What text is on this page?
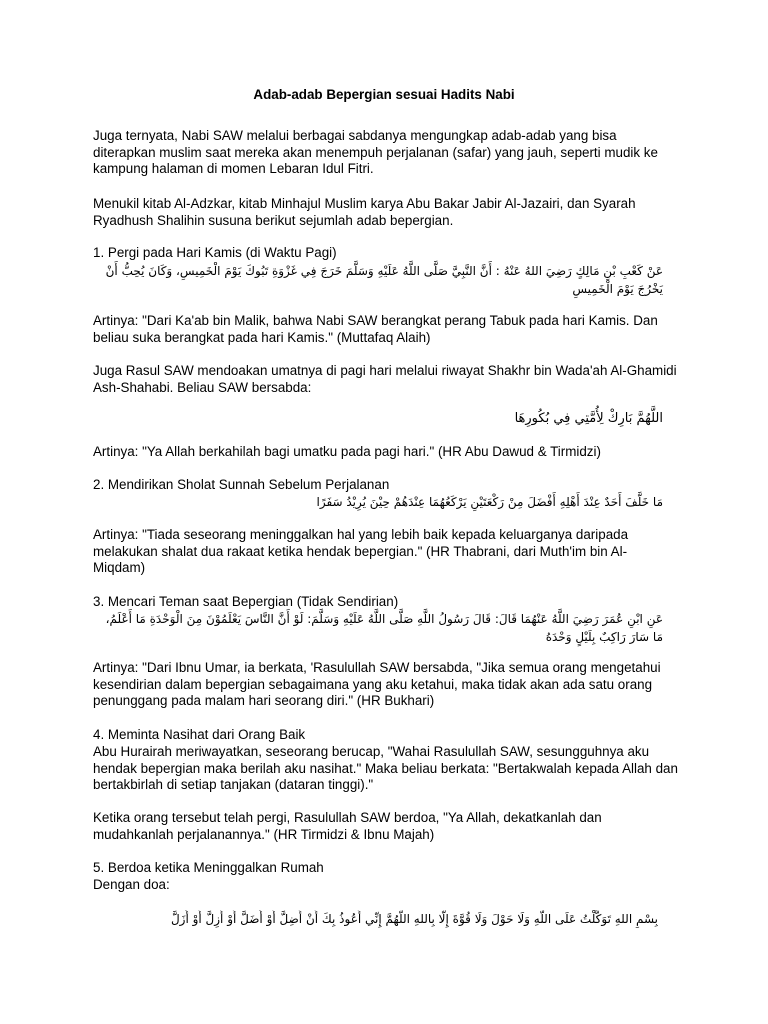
Adab-adab Bepergian sesuai Hadits Nabi

Juga ternyata, Nabi SAW melalui berbagai sabdanya mengungkap adab-adab yang bisa diterapkan muslim saat mereka akan menempuh perjalanan (safar) yang jauh, seperti mudik ke kampung halaman di momen Lebaran Idul Fitri.

Menukil kitab Al-Adzkar, kitab Minhajul Muslim karya Abu Bakar Jabir Al-Jazairi, dan Syarah Ryadhush Shalihin susuna berikut sejumlah adab bepergian.

1. Pergi pada Hari Kamis (di Waktu Pagi)

عَنْ كَعْبِ بْنِ مَالِكٍ رَضِيَ اللهُ عَنْهُ : أَنَّ النَّبِيَّ صَلَّى اللَّهُ عَلَيْهِ وَسَلَّمَ خَرَجَ فِي غَزْوَةِ تَبُوكَ يَوْمَ الْخَمِيسِ، وَكَانَ يُحِبُّ أَنْ يَخْرُجَ يَوْمَ الْخَمِيسِ

Artinya: "Dari Ka'ab bin Malik, bahwa Nabi SAW berangkat perang Tabuk pada hari Kamis. Dan beliau suka berangkat pada hari Kamis." (Muttafaq Alaih)

Juga Rasul SAW mendoakan umatnya di pagi hari melalui riwayat Shakhr bin Wada'ah Al-Ghamidi Ash-Shahabi. Beliau SAW bersabda:

اللَّهُمَّ بَارِكْ لِأُمَّتِي فِي بُكُورِهَا

Artinya: "Ya Allah berkahilah bagi umatku pada pagi hari." (HR Abu Dawud & Tirmidzi)

2. Mendirikan Sholat Sunnah Sebelum Perjalanan

مَا خَلَّفَ أَحَدٌ عِنْدَ أَهْلِهِ أَفْضَلَ مِنْ رَكْعَتَيْنِ يَرْكَعُهُمَا عِنْدَهُمْ حِيْنَ يُرِيْدُ سَفَرًا

Artinya: "Tiada seseorang meninggalkan hal yang lebih baik kepada keluarganya daripada melakukan shalat dua rakaat ketika hendak bepergian." (HR Thabrani, dari Muth'im bin Al-Miqdam)

3. Mencari Teman saat Bepergian (Tidak Sendirian)

عَنِ ابْنِ عُمَرَ رَضِيَ اللَّهُ عَنْهُمَا قَالَ: قَالَ رَسُولُ اللَّهِ صَلَّى اللَّهُ عَلَيْهِ وَسَلَّمَ: لَوْ أَنَّ النَّاسَ يَعْلَمُوْنَ مِنَ الْوَحْدَةِ مَا أَعْلَمُ، مَا سَارَ رَاكِبٌ بِلَيْلٍ وَحْدَهُ

Artinya: "Dari Ibnu Umar, ia berkata, 'Rasulullah SAW bersabda, "Jika semua orang mengetahui kesendirian dalam bepergian sebagaimana yang aku ketahui, maka tidak akan ada satu orang penunggang pada malam hari seorang diri." (HR Bukhari)

4. Meminta Nasihat dari Orang Baik

Abu Hurairah meriwayatkan, seseorang berucap, "Wahai Rasulullah SAW, sesungguhnya aku hendak bepergian maka berilah aku nasihat." Maka beliau berkata: "Bertakwalah kepada Allah dan bertakbirlah di setiap tanjakan (dataran tinggi)."

Ketika orang tersebut telah pergi, Rasulullah SAW berdoa, "Ya Allah, dekatkanlah dan mudahkanlah perjalanannya." (HR Tirmidzi & Ibnu Majah)

5. Berdoa ketika Meninggalkan Rumah

Dengan doa:

بِسْمِ اللهِ تَوَكَّلْتُ عَلَى اللَّهِ وَلَا حَوْلَ وَلَا قُوَّةَ إِلَّا بِاللهِ اللَّهُمَّ إِنِّي أَعُوذُ بِكَ أَنْ أَضِلَّ أَوْ أُضَلَّ أَوْ أَزِلَّ أَوْ أُزَلَّ
